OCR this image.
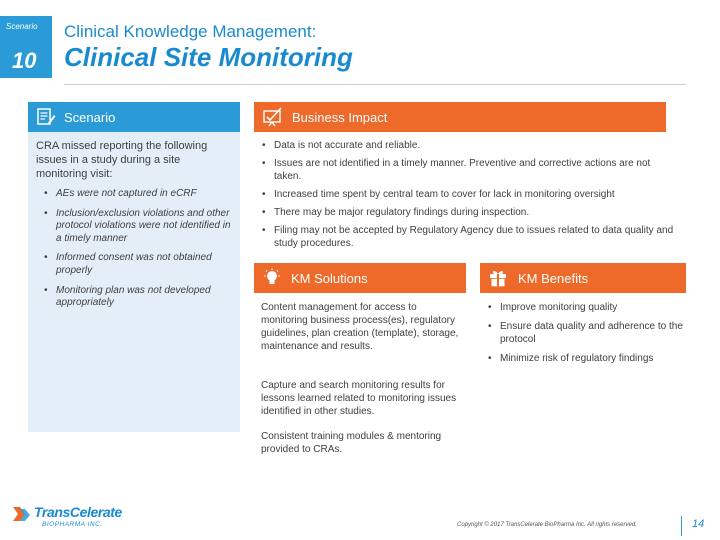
Scenario
10
Clinical Knowledge Management:
Clinical Site Monitoring
Scenario
CRA missed reporting the following issues in a study during a site monitoring visit:
• AEs were not captured in eCRF
• Inclusion/exclusion violations and other protocol violations were not identified in a timely manner
• Informed consent was not obtained properly
• Monitoring plan was not developed appropriately
Business Impact
• Data is not accurate and reliable.
• Issues are not identified in a timely manner. Preventive and corrective actions are not taken.
• Increased time spent by central team to cover for lack in monitoring oversight
• There may be major regulatory findings during inspection.
• Filing may not be accepted by Regulatory Agency due to issues related to data quality and study procedures.
KM Solutions
Content management for access to monitoring business process(es), regulatory guidelines, plan creation (template), storage, maintenance and results.
Capture and search monitoring results for lessons learned related to monitoring issues identified in other studies.
Consistent training modules & mentoring provided to CRAs.
KM Benefits
• Improve monitoring quality
• Ensure data quality and adherence to the protocol
• Minimize risk of regulatory findings
TransCelerate
BIOPHARMA INC.	Copyright © 2017 TransCelerate BioPharma Inc. All rights reserved.	14
